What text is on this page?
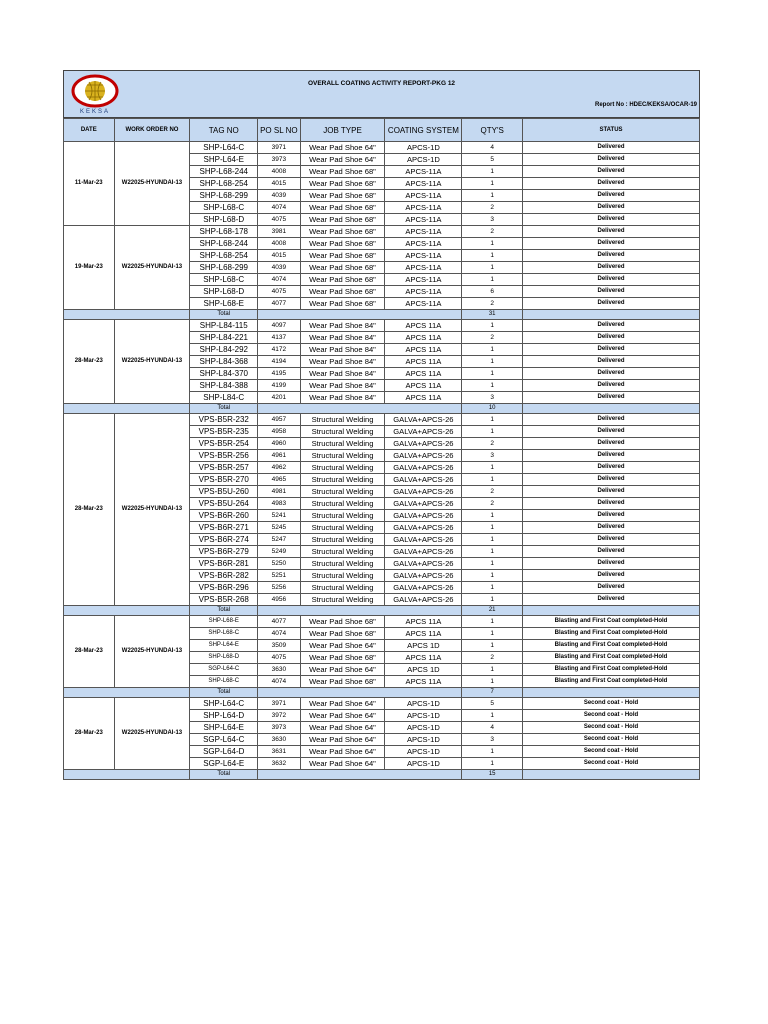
KEKSA
OVERALL COATING ACTIVITY REPORT-PKG 12
Report No : HDEC/KEKSA/OCAR-19
DATE	WORK ORDER NO	TAG NO	PO SL NO	JOB TYPE	COATING SYSTEM	QTY'S	STATUS
11-Mar-23	W22025-HYUNDAI-13	SHP-L64-C	3971	Wear Pad Shoe 64"	APCS-1D	4	Delivered
		SHP-L64-E	3973	Wear Pad Shoe 64"	APCS-1D	5	Delivered
		SHP-L68-244	4008	Wear Pad Shoe 68"	APCS-11A	1	Delivered
		SHP-L68-254	4015	Wear Pad Shoe 68"	APCS-11A	1	Delivered
		SHP-L68-299	4039	Wear Pad Shoe 68"	APCS-11A	1	Delivered
		SHP-L68-C	4074	Wear Pad Shoe 68"	APCS-11A	2	Delivered
		SHP-L68-D	4075	Wear Pad Shoe 68"	APCS-11A	3	Delivered
19-Mar-23	W22025-HYUNDAI-13	SHP-L68-178	3981	Wear Pad Shoe 68"	APCS-11A	2	Delivered
		SHP-L68-244	4008	Wear Pad Shoe 68"	APCS-11A	1	Delivered
		SHP-L68-254	4015	Wear Pad Shoe 68"	APCS-11A	1	Delivered
		SHP-L68-299	4039	Wear Pad Shoe 68"	APCS-11A	1	Delivered
		SHP-L68-C	4074	Wear Pad Shoe 68"	APCS-11A	1	Delivered
		SHP-L68-D	4075	Wear Pad Shoe 68"	APCS-11A	6	Delivered
		SHP-L68-E	4077	Wear Pad Shoe 68"	APCS-11A	2	Delivered
		Total				31	
28-Mar-23	W22025-HYUNDAI-13	SHP-L84-115	4097	Wear Pad Shoe 84"	APCS 11A	1	Delivered
		SHP-L84-221	4137	Wear Pad Shoe 84"	APCS 11A	2	Delivered
		SHP-L84-292	4172	Wear Pad Shoe 84"	APCS 11A	1	Delivered
		SHP-L84-368	4194	Wear Pad Shoe 84"	APCS 11A	1	Delivered
		SHP-L84-370	4195	Wear Pad Shoe 84"	APCS 11A	1	Delivered
		SHP-L84-388	4199	Wear Pad Shoe 84"	APCS 11A	1	Delivered
		SHP-L84-C	4201	Wear Pad Shoe 84"	APCS 11A	3	Delivered
		Total				10	
28-Mar-23	W22025-HYUNDAI-13	VPS-B5R-232	4957	Structural Welding	GALVA+APCS-26	1	Delivered
		VPS-B5R-235	4958	Structural Welding	GALVA+APCS-26	1	Delivered
		VPS-B5R-254	4960	Structural Welding	GALVA+APCS-26	2	Delivered
		VPS-B5R-256	4961	Structural Welding	GALVA+APCS-26	3	Delivered
		VPS-B5R-257	4962	Structural Welding	GALVA+APCS-26	1	Delivered
		VPS-B5R-270	4965	Structural Welding	GALVA+APCS-26	1	Delivered
		VPS-B5U-260	4981	Structural Welding	GALVA+APCS-26	2	Delivered
		VPS-B5U-264	4983	Structural Welding	GALVA+APCS-26	2	Delivered
		VPS-B6R-260	5241	Structural Welding	GALVA+APCS-26	1	Delivered
		VPS-B6R-271	5245	Structural Welding	GALVA+APCS-26	1	Delivered
		VPS-B6R-274	5247	Structural Welding	GALVA+APCS-26	1	Delivered
		VPS-B6R-279	5249	Structural Welding	GALVA+APCS-26	1	Delivered
		VPS-B6R-281	5250	Structural Welding	GALVA+APCS-26	1	Delivered
		VPS-B6R-282	5251	Structural Welding	GALVA+APCS-26	1	Delivered
		VPS-B6R-296	5256	Structural Welding	GALVA+APCS-26	1	Delivered
		VPS-B5R-268	4956	Structural Welding	GALVA+APCS-26	1	Delivered
		Total				21	
28-Mar-23	W22025-HYUNDAI-13	SHP-L68-E	4077	Wear Pad Shoe 68"	APCS 11A	1	Blasting and First Coat completed-Hold
		SHP-L68-C	4074	Wear Pad Shoe 68"	APCS 11A	1	Blasting and First Coat completed-Hold
		SHP-L64-E	3509	Wear Pad Shoe 64"	APCS 1D	1	Blasting and First Coat completed-Hold
		SHP-L68-D	4075	Wear Pad Shoe 68"	APCS 11A	2	Blasting and First Coat completed-Hold
		SGP-L64-C	3630	Wear Pad Shoe 64"	APCS 1D	1	Blasting and First Coat completed-Hold
		SHP-L68-C	4074	Wear Pad Shoe 68"	APCS 11A	1	Blasting and First Coat completed-Hold
		Total				7	
28-Mar-23	W22025-HYUNDAI-13	SHP-L64-C	3971	Wear Pad Shoe 64"	APCS-1D	5	Second coat - Hold
		SHP-L64-D	3972	Wear Pad Shoe 64"	APCS-1D	1	Second coat - Hold
		SHP-L64-E	3973	Wear Pad Shoe 64"	APCS-1D	4	Second coat - Hold
		SGP-L64-C	3630	Wear Pad Shoe 64"	APCS-1D	3	Second coat - Hold
		SGP-L64-D	3631	Wear Pad Shoe 64"	APCS-1D	1	Second coat - Hold
		SGP-L64-E	3632	Wear Pad Shoe 64"	APCS-1D	1	Second coat - Hold
		Total				15	
